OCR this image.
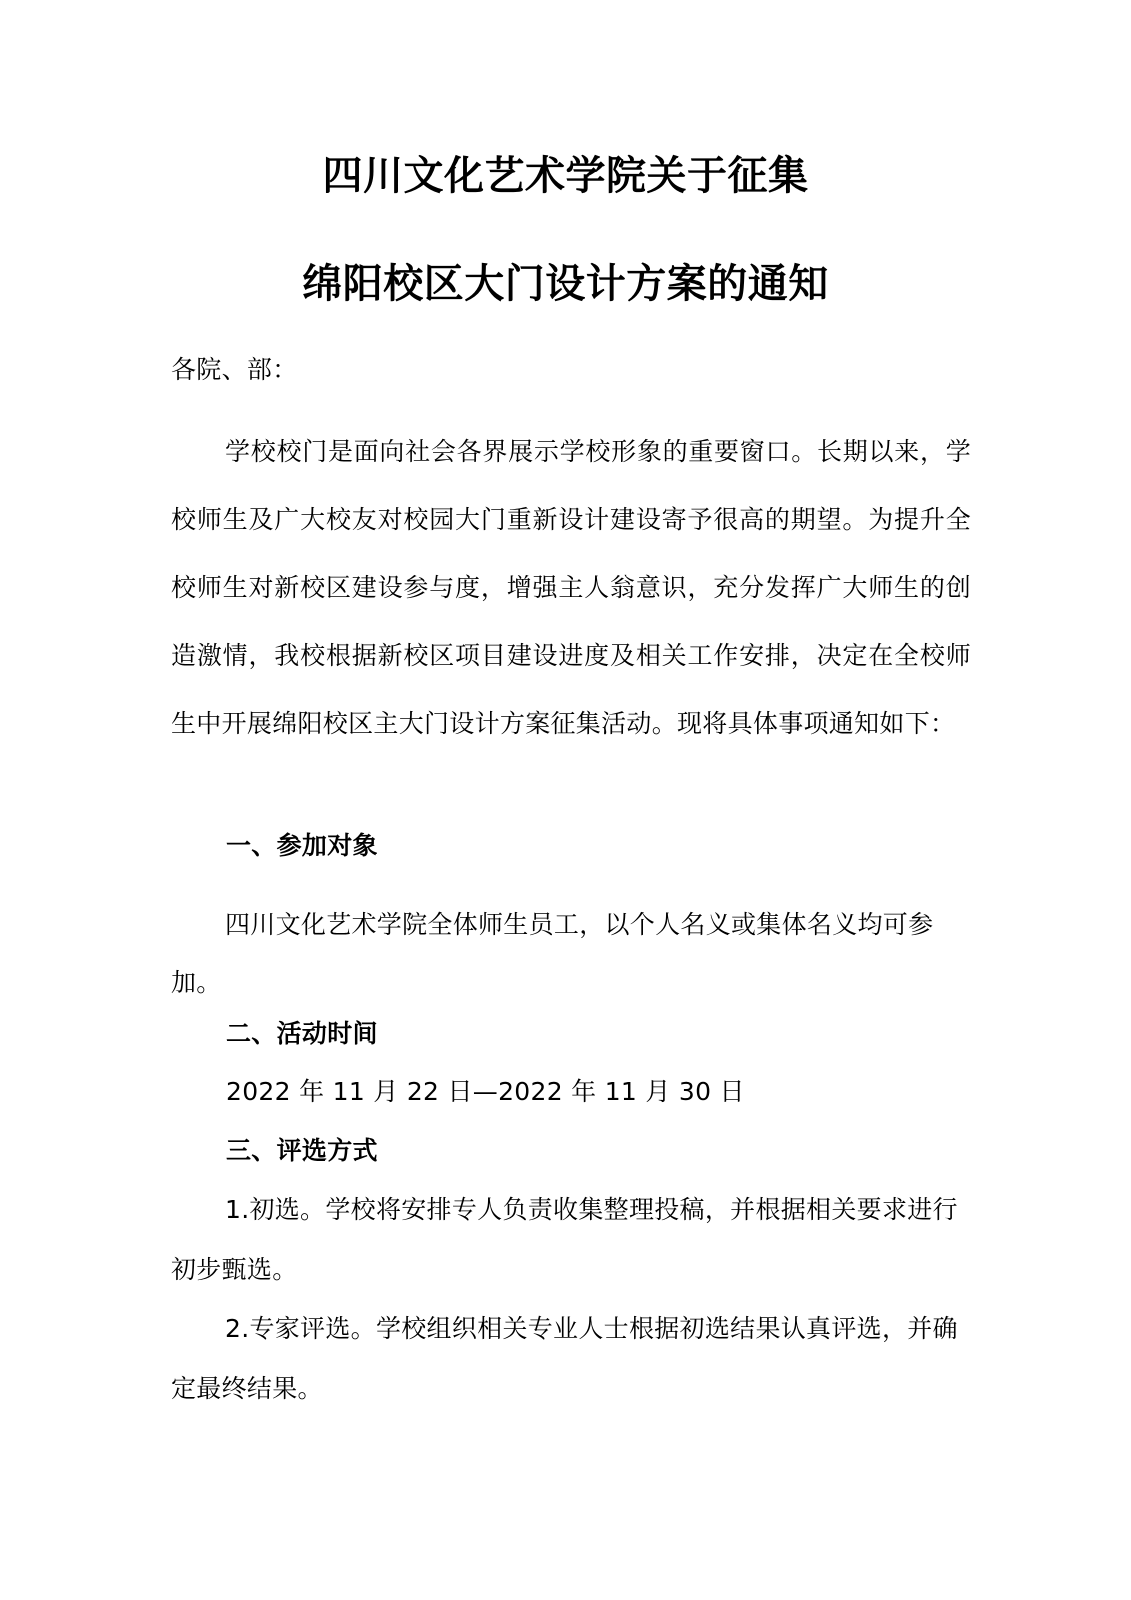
四川文化艺术学院关于征集
绵阳校区大门设计方案的通知
各院、部：
学校校门是面向社会各界展示学校形象的重要窗口。长期以来，学校师生及广大校友对校园大门重新设计建设寄予很高的期望。为提升全校师生对新校区建设参与度，增强主人翁意识，充分发挥广大师生的创造激情，我校根据新校区项目建设进度及相关工作安排，决定在全校师生中开展绵阳校区主大门设计方案征集活动。现将具体事项通知如下：
一、参加对象
四川文化艺术学院全体师生员工，以个人名义或集体名义均可参加。
二、活动时间
2022 年 11 月 22 日—2022 年 11 月 30 日
三、评选方式
1.初选。学校将安排专人负责收集整理投稿，并根据相关要求进行初步甄选。
2.专家评选。学校组织相关专业人士根据初选结果认真评选，并确定最终结果。
